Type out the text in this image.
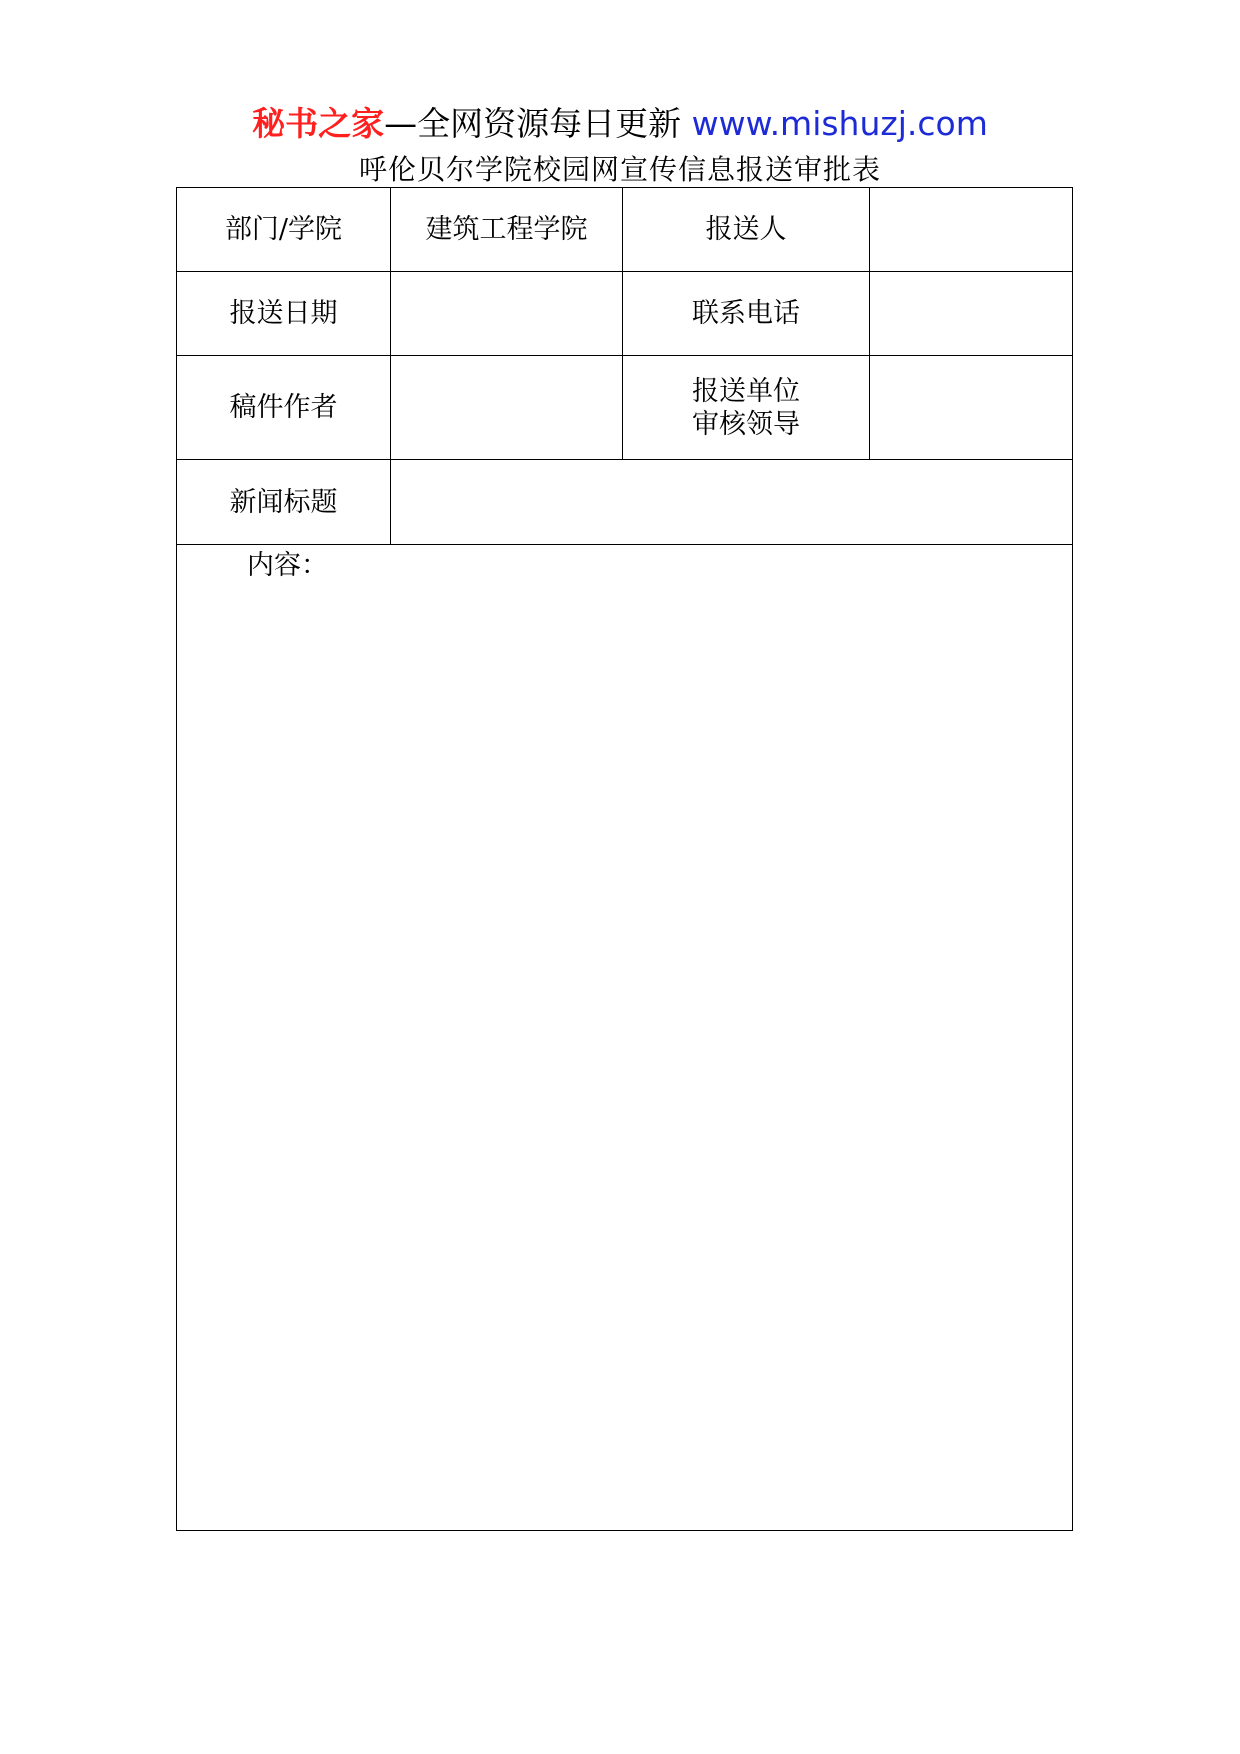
秘书之家—全网资源每日更新 www.mishuzj.com
呼伦贝尔学院校园网宣传信息报送审批表
部门/学院	建筑工程学院	报送人	
报送日期		联系电话	
稿件作者		报送单位
审核领导	

新闻标题			
内容：			
